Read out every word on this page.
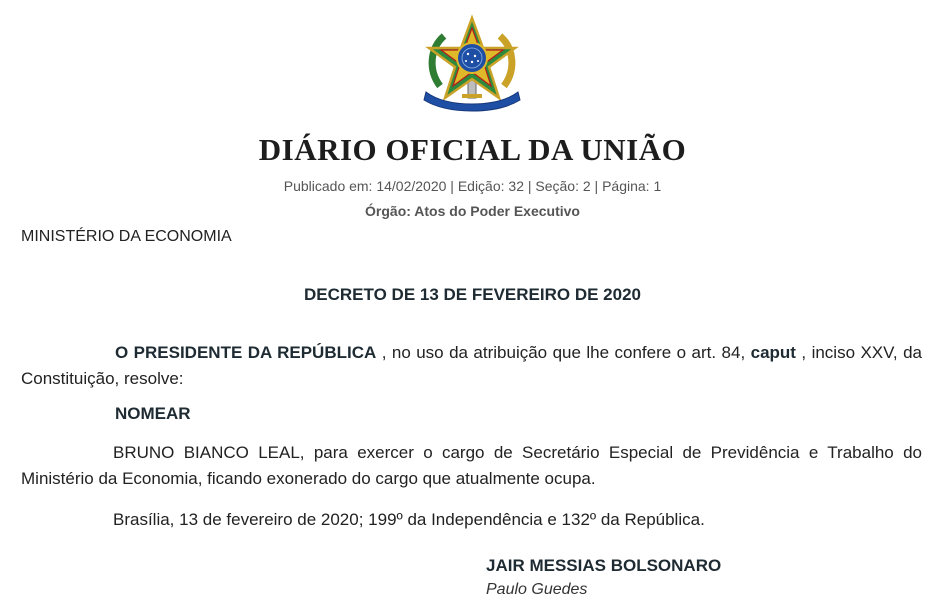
DIÁRIO OFICIAL DA UNIÃO
Publicado em: 14/02/2020 | Edição: 32 | Seção: 2 | Página: 1
Órgão: Atos do Poder Executivo
MINISTÉRIO DA ECONOMIA
DECRETO DE 13 DE FEVEREIRO DE 2020
O PRESIDENTE DA REPÚBLICA , no uso da atribuição que lhe confere o art. 84, caput , inciso XXV, da Constituição, resolve:
NOMEAR
BRUNO BIANCO LEAL, para exercer o cargo de Secretário Especial de Previdência e Trabalho do Ministério da Economia, ficando exonerado do cargo que atualmente ocupa.
Brasília, 13 de fevereiro de 2020; 199º da Independência e 132º da República.
JAIR MESSIAS BOLSONARO
Paulo Guedes
